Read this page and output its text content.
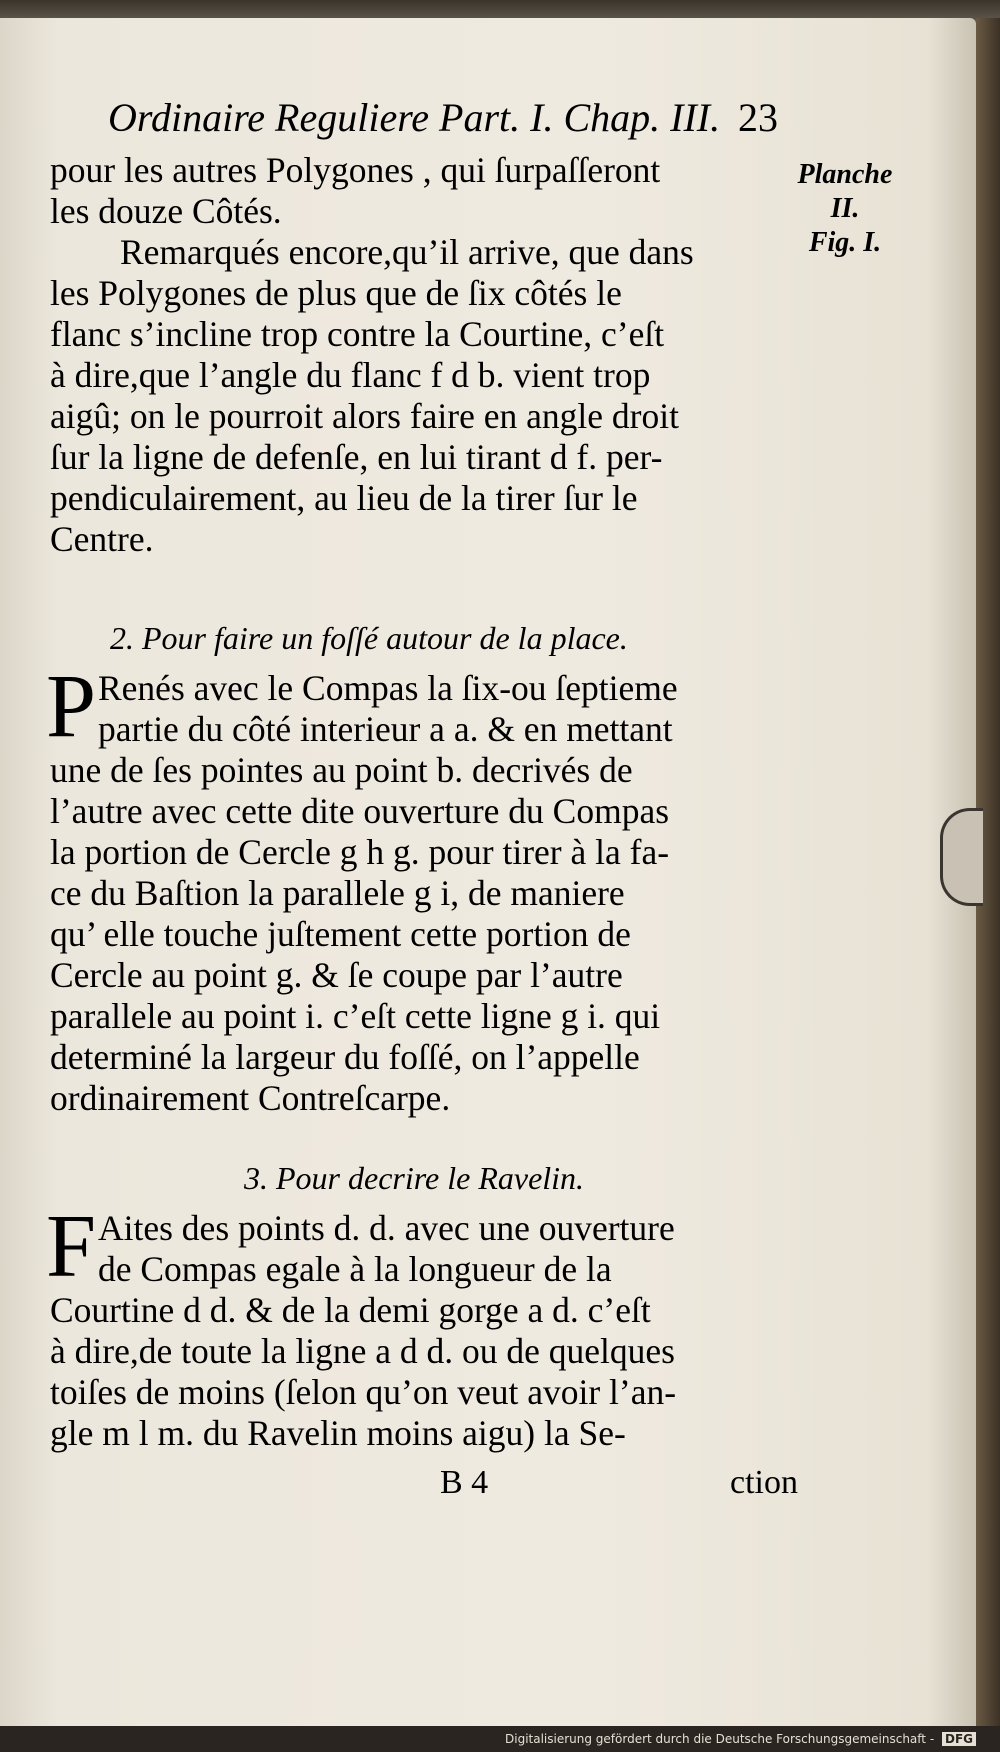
Ordinaire Reguliere Part. I. Chap. III. 23
Planche
II.
Fig. I.
pour les autres Polygones , qui ſurpaſſeront
les douze Côtés.
Remarqués encore,qu’il arrive, que dans
les Polygones de plus que de ſix côtés le
flanc s’incline trop contre la Courtine, c’eſt
à dire,que l’angle du flanc f d b. vient trop
aigû; on le pourroit alors faire en angle droit
ſur la ligne de defenſe, en lui tirant d f. per-
pendiculairement, au lieu de la tirer ſur le
Centre.
2. Pour faire un foſſé autour de la place.
P Renés avec le Compas la ſix-ou ſeptieme
partie du côté interieur a a. & en mettant
une de ſes pointes au point b. decrivés de
l’autre avec cette dite ouverture du Compas
la portion de Cercle g h g. pour tirer à la fa-
ce du Baſtion la parallele g i, de maniere
qu’ elle touche juſtement cette portion de
Cercle au point g. & ſe coupe par l’autre
parallele au point i. c’eſt cette ligne g i. qui
determiné la largeur du foſſé, on l’appelle
ordinairement Contreſcarpe.
3. Pour decrire le Ravelin.
F Aites des points d. d. avec une ouverture
de Compas egale à la longueur de la
Courtine d d. & de la demi gorge a d. c’eſt
à dire,de toute la ligne a d d. ou de quelques
toiſes de moins (ſelon qu’on veut avoir l’an-
gle m l m. du Ravelin moins aigu) la Se-
B 4	ction
Digitalisierung gefördert durch die Deutsche Forschungsgemeinschaft - DFG
